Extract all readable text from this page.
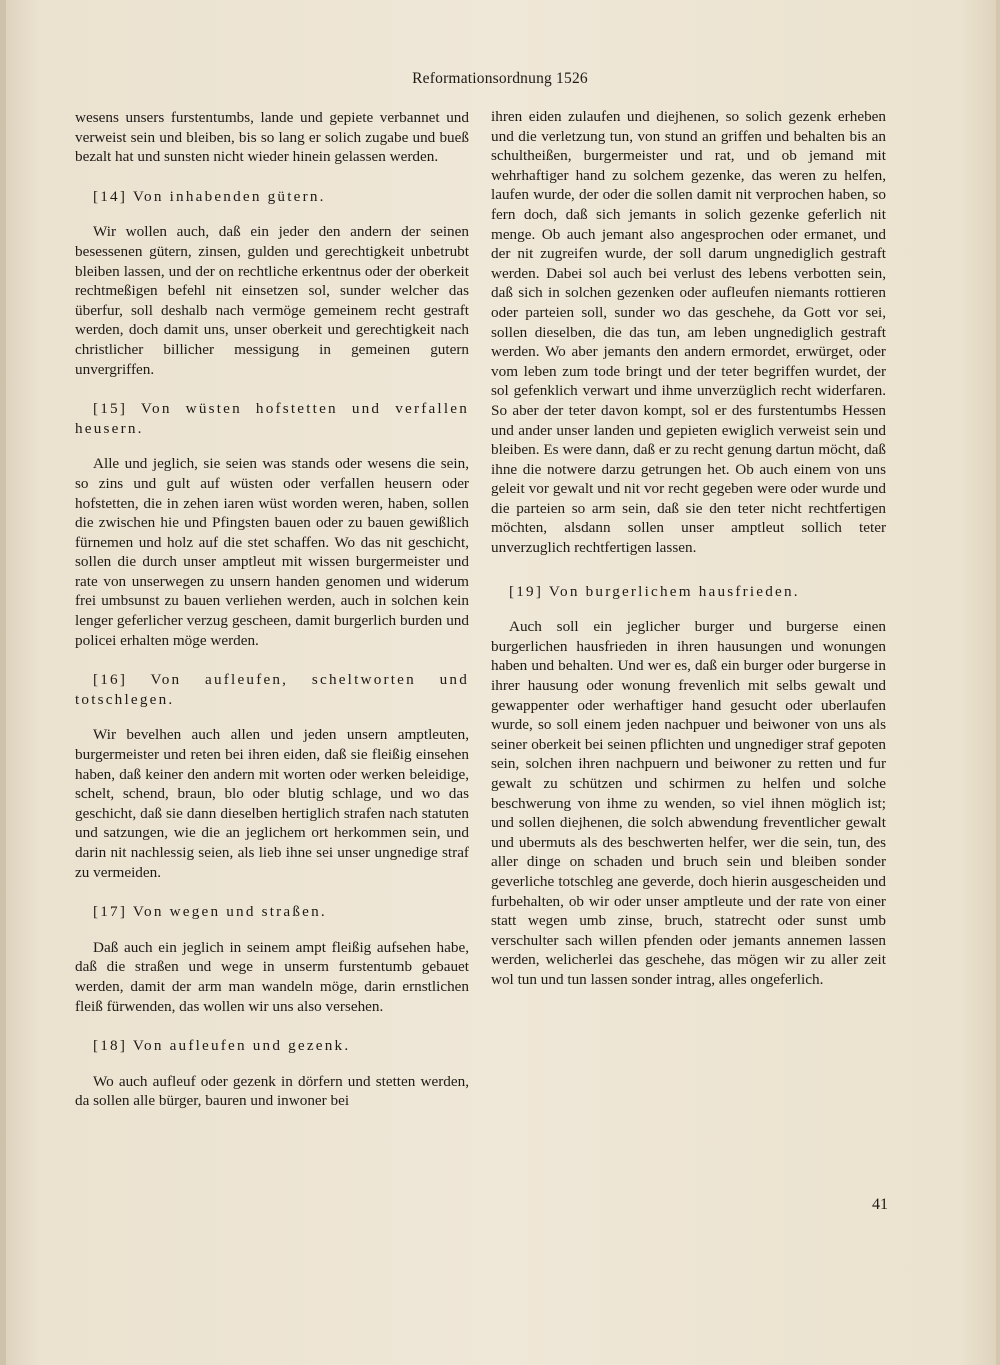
Reformationsordnung 1526

wesens unsers furstentumbs, lande und gepiete verbannet und verweist sein und bleiben, bis so lang er solich zugabe und bueß bezalt hat und sunsten nicht wieder hinein gelassen werden.

[14] Von inhabenden gütern.

Wir wollen auch, daß ein jeder den andern der seinen besessenen gütern, zinsen, gulden und gerechtigkeit unbetrubt bleiben lassen, und der on rechtliche erkentnus oder der oberkeit rechtmeßigen befehl nit einsetzen sol, sunder welcher das überfur, soll deshalb nach vermöge gemeinem recht gestraft werden, doch damit uns, unser oberkeit und gerechtigkeit nach christlicher billicher messigung in gemeinen gutern unvergriffen.

[15] Von wüsten hofstetten und verfallen heusern.

Alle und jeglich, sie seien was stands oder wesens die sein, so zins und gult auf wüsten oder verfallen heusern oder hofstetten, die in zehen iaren wüst worden weren, haben, sollen die zwischen hie und Pfingsten bauen oder zu bauen gewißlich fürnemen und holz auf die stet schaffen. Wo das nit geschicht, sollen die durch unser amptleut mit wissen burgermeister und rate von unserwegen zu unsern handen genomen und widerum frei umbsunst zu bauen verliehen werden, auch in solchen kein lenger geferlicher verzug gescheen, damit burgerlich burden und policei erhalten möge werden.

[16] Von aufleufen, scheltworten und totschlegen.

Wir bevelhen auch allen und jeden unsern amptleuten, burgermeister und reten bei ihren eiden, daß sie fleißig einsehen haben, daß keiner den andern mit worten oder werken beleidige, schelt, schend, braun, blo oder blutig schlage, und wo das geschicht, daß sie dann dieselben hertiglich strafen nach statuten und satzungen, wie die an jeglichem ort herkommen sein, und darin nit nachlessig seien, als lieb ihne sei unser ungnedige straf zu vermeiden.

[17] Von wegen und straßen.

Daß auch ein jeglich in seinem ampt fleißig aufsehen habe, daß die straßen und wege in unserm furstentumb gebauet werden, damit der arm man wandeln möge, darin ernstlichen fleiß fürwenden, das wollen wir uns also versehen.

[18] Von aufleufen und gezenk.

Wo auch aufleuf oder gezenk in dörfern und stetten werden, da sollen alle bürger, bauren und inwoner bei

ihren eiden zulaufen und diejhenen, so solich gezenk erheben und die verletzung tun, von stund an griffen und behalten bis an schultheißen, burgermeister und rat, und ob jemand mit wehrhaftiger hand zu solchem gezenke, das weren zu helfen, laufen wurde, der oder die sollen damit nit verprochen haben, so fern doch, daß sich jemants in solich gezenke geferlich nit menge. Ob auch jemant also angesprochen oder ermanet, und der nit zugreifen wurde, der soll darum ungnediglich gestraft werden. Dabei sol auch bei verlust des lebens verbotten sein, daß sich in solchen gezenken oder aufleufen niemants rottieren oder parteien soll, sunder wo das geschehe, da Gott vor sei, sollen dieselben, die das tun, am leben ungnediglich gestraft werden. Wo aber jemants den andern ermordet, erwürget, oder vom leben zum tode bringt und der teter begriffen wurdet, der sol gefenklich verwart und ihme unverzüglich recht widerfaren. So aber der teter davon kompt, sol er des furstentumbs Hessen und ander unser landen und gepieten ewiglich verweist sein und bleiben. Es were dann, daß er zu recht genung dartun möcht, daß ihne die notwere darzu getrungen het. Ob auch einem von uns geleit vor gewalt und nit vor recht gegeben were oder wurde und die parteien so arm sein, daß sie den teter nicht rechtfertigen möchten, alsdann sollen unser amptleut sollich teter unverzuglich rechtfertigen lassen.

[19] Von burgerlichem hausfrieden.

Auch soll ein jeglicher burger und burgerse einen burgerlichen hausfrieden in ihren hausungen und wonungen haben und behalten. Und wer es, daß ein burger oder burgerse in ihrer hausung oder wonung frevenlich mit selbs gewalt und gewappenter oder werhaftiger hand gesucht oder uberlaufen wurde, so soll einem jeden nachpuer und beiwoner von uns als seiner oberkeit bei seinen pflichten und ungnediger straf gepoten sein, solchen ihren nachpuern und beiwoner zu retten und fur gewalt zu schützen und schirmen zu helfen und solche beschwerung von ihme zu wenden, so viel ihnen möglich ist; und sollen diejhenen, die solch abwendung freventlicher gewalt und ubermuts als des beschwerten helfer, wer die sein, tun, des aller dinge on schaden und bruch sein und bleiben sonder geverliche totschleg ane geverde, doch hierin ausgescheiden und furbehalten, ob wir oder unser amptleute und der rate von einer statt wegen umb zinse, bruch, statrecht oder sunst umb verschulter sach willen pfenden oder jemants annemen lassen werden, welicherlei das geschehe, das mögen wir zu aller zeit wol tun und tun lassen sonder intrag, alles ongeferlich.

41
